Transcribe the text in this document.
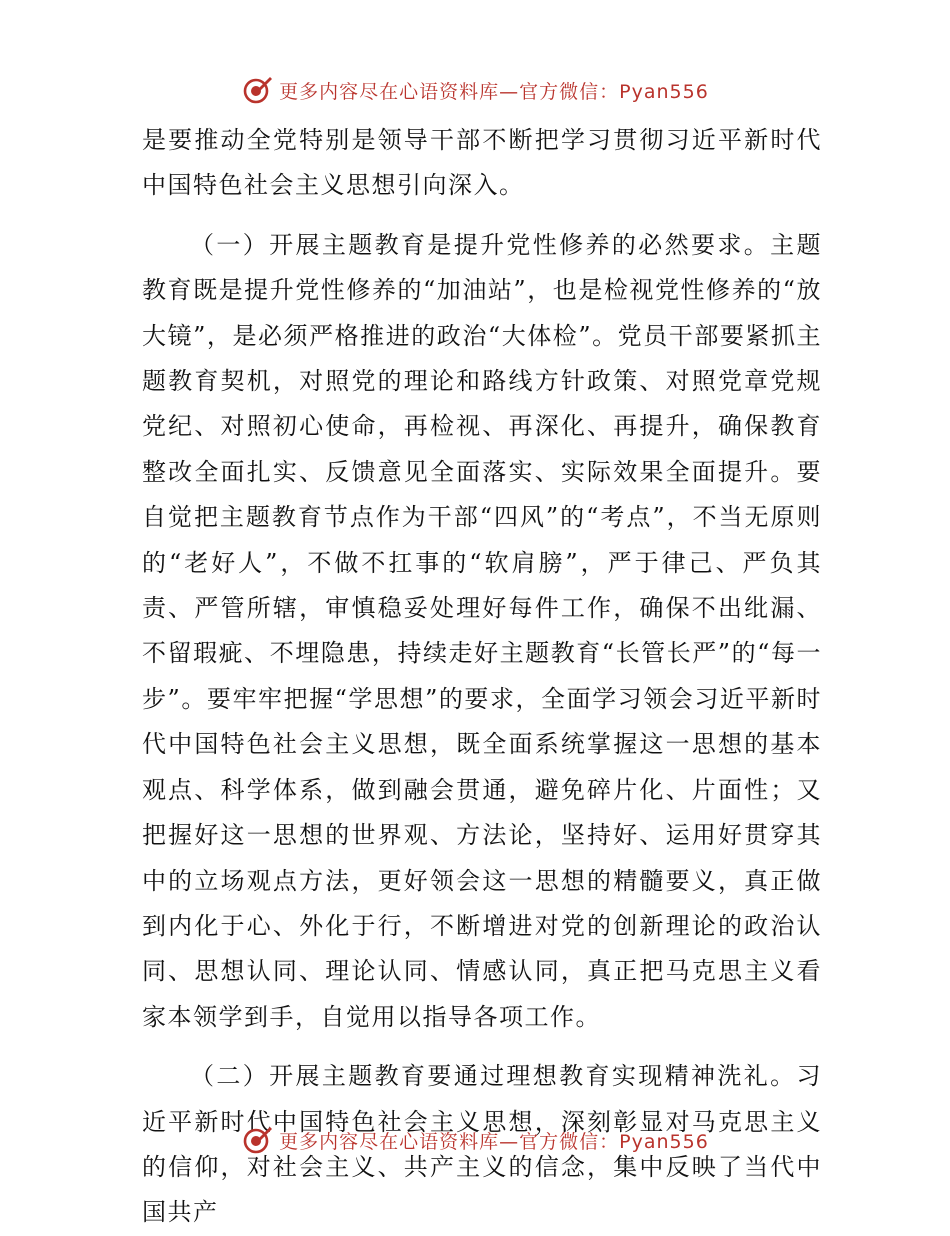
更多内容尽在心语资料库—官方微信：Pyan556

是要推动全党特别是领导干部不断把学习贯彻习近平新时代中国特色社会主义思想引向深入。

（一）开展主题教育是提升党性修养的必然要求。主题教育既是提升党性修养的“加油站”，也是检视党性修养的“放大镜”，是必须严格推进的政治“大体检”。党员干部要紧抓主题教育契机，对照党的理论和路线方针政策、对照党章党规党纪、对照初心使命，再检视、再深化、再提升，确保教育整改全面扎实、反馈意见全面落实、实际效果全面提升。要自觉把主题教育节点作为干部“四风”的“考点”，不当无原则的“老好人”，不做不扛事的“软肩膀”，严于律己、严负其责、严管所辖，审慎稳妥处理好每件工作，确保不出纰漏、不留瑕疵、不埋隐患，持续走好主题教育“长管长严”的“每一步”。要牢牢把握“学思想”的要求，全面学习领会习近平新时代中国特色社会主义思想，既全面系统掌握这一思想的基本观点、科学体系，做到融会贯通，避免碎片化、片面性；又把握好这一思想的世界观、方法论，坚持好、运用好贯穿其中的立场观点方法，更好领会这一思想的精髓要义，真正做到内化于心、外化于行，不断增进对党的创新理论的政治认同、思想认同、理论认同、情感认同，真正把马克思主义看家本领学到手，自觉用以指导各项工作。

（二）开展主题教育要通过理想教育实现精神洗礼。习近平新时代中国特色社会主义思想，深刻彰显对马克思主义的信仰，对社会主义、共产主义的信念，集中反映了当代中国共产

更多内容尽在心语资料库—官方微信：Pyan556
